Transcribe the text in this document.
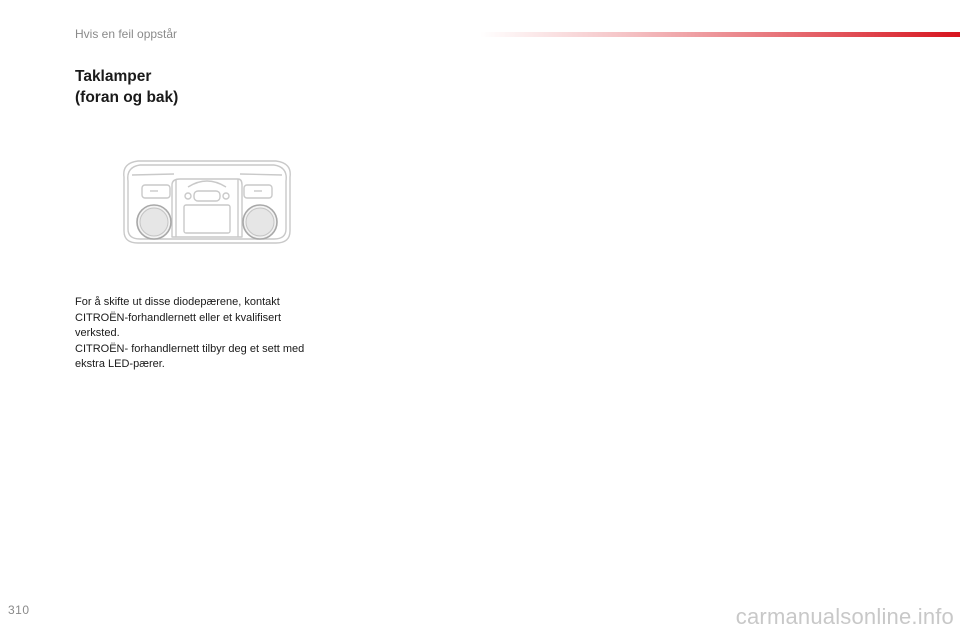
Hvis en feil oppstår
Taklamper
(foran og bak)

For å skifte ut disse diodepærene, kontakt
CITROËN-forhandlernett eller et kvalifisert
verksted.

CITROËN- forhandlernett tilbyr deg et sett med
ekstra LED-pærer.

310	carmanualsonline.info
